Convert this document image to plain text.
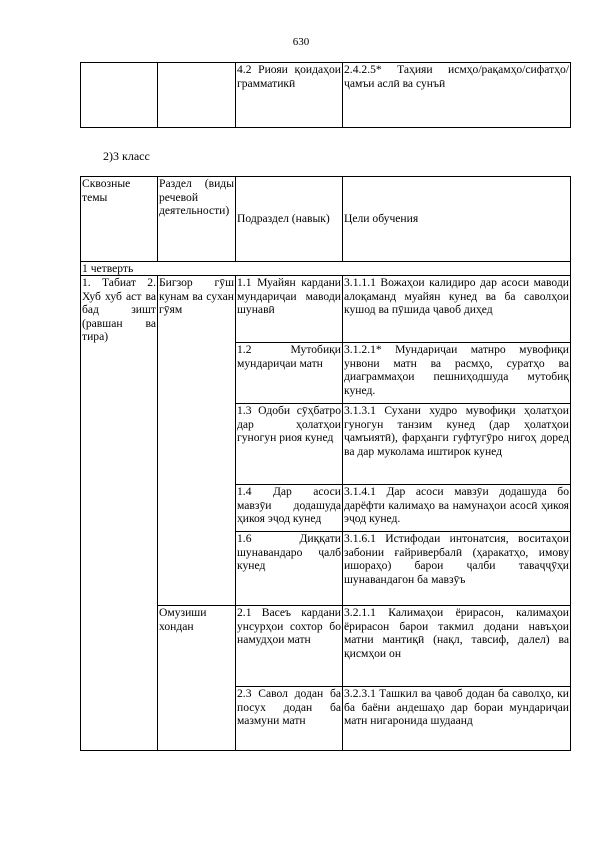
630
		4.2 Риояи қоидаҳои грамматикӣ	2.4.2.5* Таҳияи исмҳо/рақамҳо/сифатҳо/ҷамъи аслӣ ва сунъӣ
2)3 класс
Сквозные темы	Раздел (виды речевой деятельности)	Подраздел (навык)	Цели обучения
1 четверть			
1. Табиат 2. Хуб хуб аст ва бад зишт (равшан ва тира)	Бигзор гӯш кунам ва сухан гӯям	1.1 Муайян кардани мундариҷаи маводи шунавӣ	3.1.1.1 Вожаҳои калидиро дар асоси маводи алоқаманд муайян кунед ва ба саволҳои кушод ва пӯшида ҷавоб диҳед
		1.2 Мутобиқи мундариҷаи матн	3.1.2.1* Мундариҷаи матнро мувофиқи унвони матн ва расмҳо, суратҳо ва диаграммаҳои пешниҳодшуда мутобиқ кунед.
		1.3 Одоби сӯҳбатро дар ҳолатҳои гуногун риоя кунед	3.1.3.1 Сухани худро мувофиқи ҳолатҳои гуногун танзим кунед (дар ҳолатҳои ҷамъиятӣ), фарҳанги гуфтугӯро нигоҳ доред ва дар муколама иштирок кунед
		1.4 Дар асоси мавзӯи додашуда ҳикоя эҷод кунед	3.1.4.1 Дар асоси мавзӯи додашуда бо дарёфти калимаҳо ва намунаҳои асосӣ ҳикоя эҷод кунед.
		1.6 Диққати шунавандаро ҷалб кунед	3.1.6.1 Истифодаи интонатсия, воситаҳои забонии ғайривербалӣ (ҳаракатҳо, имову ишораҳо) барои ҷалби таваҷҷӯҳи шунавандагон ба мавзӯъ
	Омузиши хондан	2.1 Васеъ кардани унсурҳои сохтор бо намудҳои матн	3.2.1.1 Калимаҳои ёрирасон, калимаҳои ёрирасон барои такмил додани навъҳои матни мантиқӣ (нақл, тавсиф, далел) ва қисмҳои он
		2.3 Савол додан ба посух додан ба мазмуни матн	3.2.3.1 Ташкил ва ҷавоб додан ба саволҳо, ки ба баёни андешаҳо дар бораи мундариҷаи матн нигаронида шудаанд
